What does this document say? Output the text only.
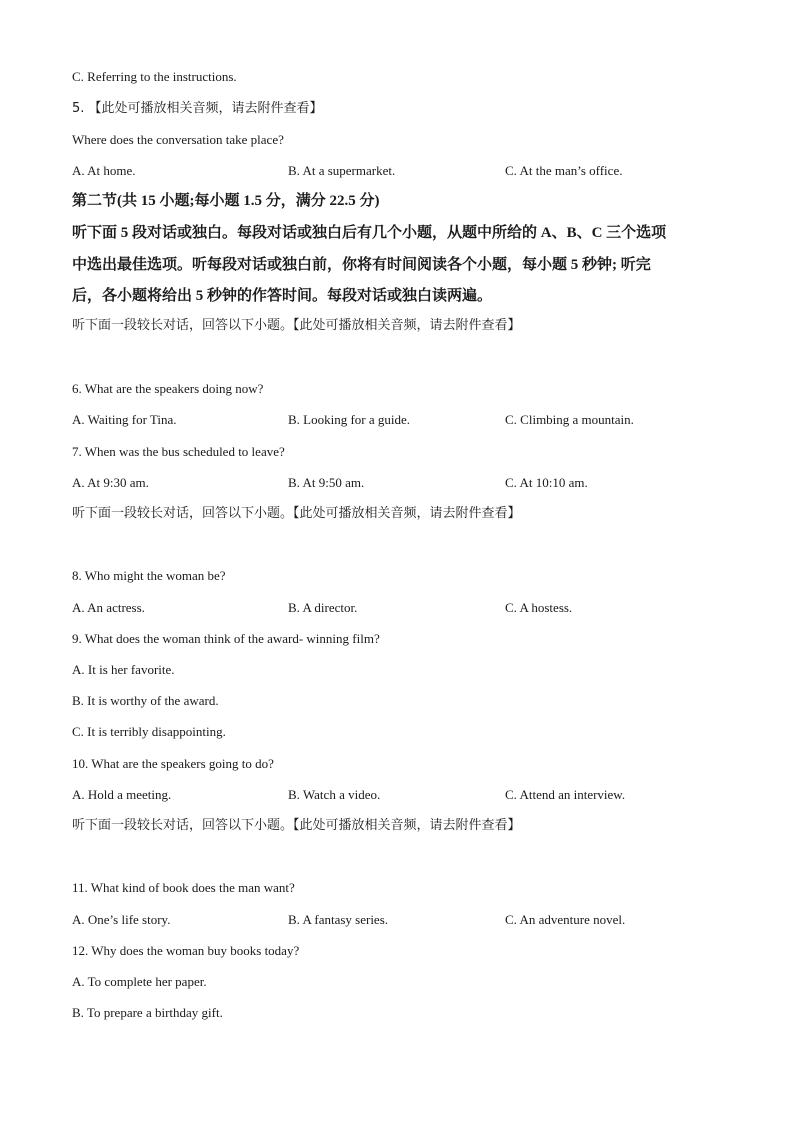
C. Referring to the instructions.
5. 【此处可播放相关音频，请去附件查看】
Where does the conversation take place?
A. At home.	B. At a supermarket.	C. At the man’s office.
第二节(共 15 小题;每小题 1.5 分，满分 22.5 分)
听下面 5 段对话或独白。每段对话或独白后有几个小题，从题中所给的 A、B、C 三个选项
中选出最佳选项。听每段对话或独白前，你将有时间阅读各个小题，每小题 5 秒钟; 听完
后，各小题将给出 5 秒钟的作答时间。每段对话或独白读两遍。
听下面一段较长对话，回答以下小题。【此处可播放相关音频，请去附件查看】
6. What are the speakers doing now?
A. Waiting for Tina.	B. Looking for a guide.	C. Climbing a mountain.
7. When was the bus scheduled to leave?
A. At 9:30 am.	B. At 9:50 am.	C. At 10:10 am.
听下面一段较长对话，回答以下小题。【此处可播放相关音频，请去附件查看】
8. Who might the woman be?
A. An actress.	B. A director.	C. A hostess.
9. What does the woman think of the award- winning film?
A. It is her favorite.
B. It is worthy of the award.
C. It is terribly disappointing.
10. What are the speakers going to do?
A. Hold a meeting.	B. Watch a video.	C. Attend an interview.
听下面一段较长对话，回答以下小题。【此处可播放相关音频，请去附件查看】
11. What kind of book does the man want?
A. One’s life story.	B. A fantasy series.	C. An adventure novel.
12. Why does the woman buy books today?
A. To complete her paper.
B. To prepare a birthday gift.
